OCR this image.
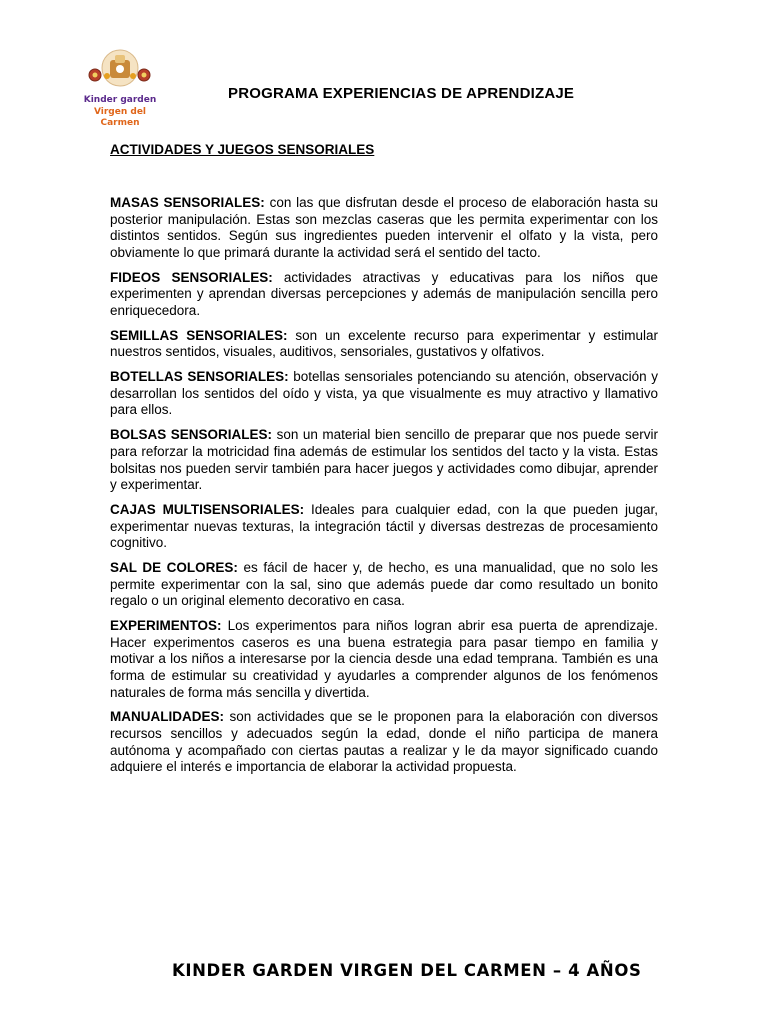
Kinder garden
Virgen del Carmen
PROGRAMA EXPERIENCIAS DE APRENDIZAJE
ACTIVIDADES Y JUEGOS SENSORIALES

MASAS SENSORIALES: con las que disfrutan desde el proceso de elaboración hasta su posterior manipulación. Estas son mezclas caseras que les permita experimentar con los distintos sentidos. Según sus ingredientes pueden intervenir el olfato y la vista, pero obviamente lo que primará durante la actividad será el sentido del tacto.

FIDEOS SENSORIALES: actividades atractivas y educativas para los niños que experimenten y aprendan diversas percepciones y además de manipulación sencilla pero enriquecedora.

SEMILLAS SENSORIALES: son un excelente recurso para experimentar y estimular nuestros sentidos, visuales, auditivos, sensoriales, gustativos y olfativos.

BOTELLAS SENSORIALES: botellas sensoriales potenciando su atención, observación y desarrollan los sentidos del oído y vista, ya que visualmente es muy atractivo y llamativo para ellos.

BOLSAS SENSORIALES: son un material bien sencillo de preparar que nos puede servir para reforzar la motricidad fina además de estimular los sentidos del tacto y la vista. Estas bolsitas nos pueden servir también para hacer juegos y actividades como dibujar, aprender y experimentar.

CAJAS MULTISENSORIALES: Ideales para cualquier edad, con la que pueden jugar, experimentar nuevas texturas, la integración táctil y diversas destrezas de procesamiento cognitivo.

SAL DE COLORES: es fácil de hacer y, de hecho, es una manualidad, que no solo les permite experimentar con la sal, sino que además puede dar como resultado un bonito regalo o un original elemento decorativo en casa.

EXPERIMENTOS: Los experimentos para niños logran abrir esa puerta de aprendizaje. Hacer experimentos caseros es una buena estrategia para pasar tiempo en familia y motivar a los niños a interesarse por la ciencia desde una edad temprana. También es una forma de estimular su creatividad y ayudarles a comprender algunos de los fenómenos naturales de forma más sencilla y divertida.

MANUALIDADES: son actividades que se le proponen para la elaboración con diversos recursos sencillos y adecuados según la edad, donde el niño participa de manera autónoma y acompañado con ciertas pautas a realizar y le da mayor significado cuando adquiere el interés e importancia de elaborar la actividad propuesta.

KINDER GARDEN VIRGEN DEL CARMEN – 4 AÑOS
